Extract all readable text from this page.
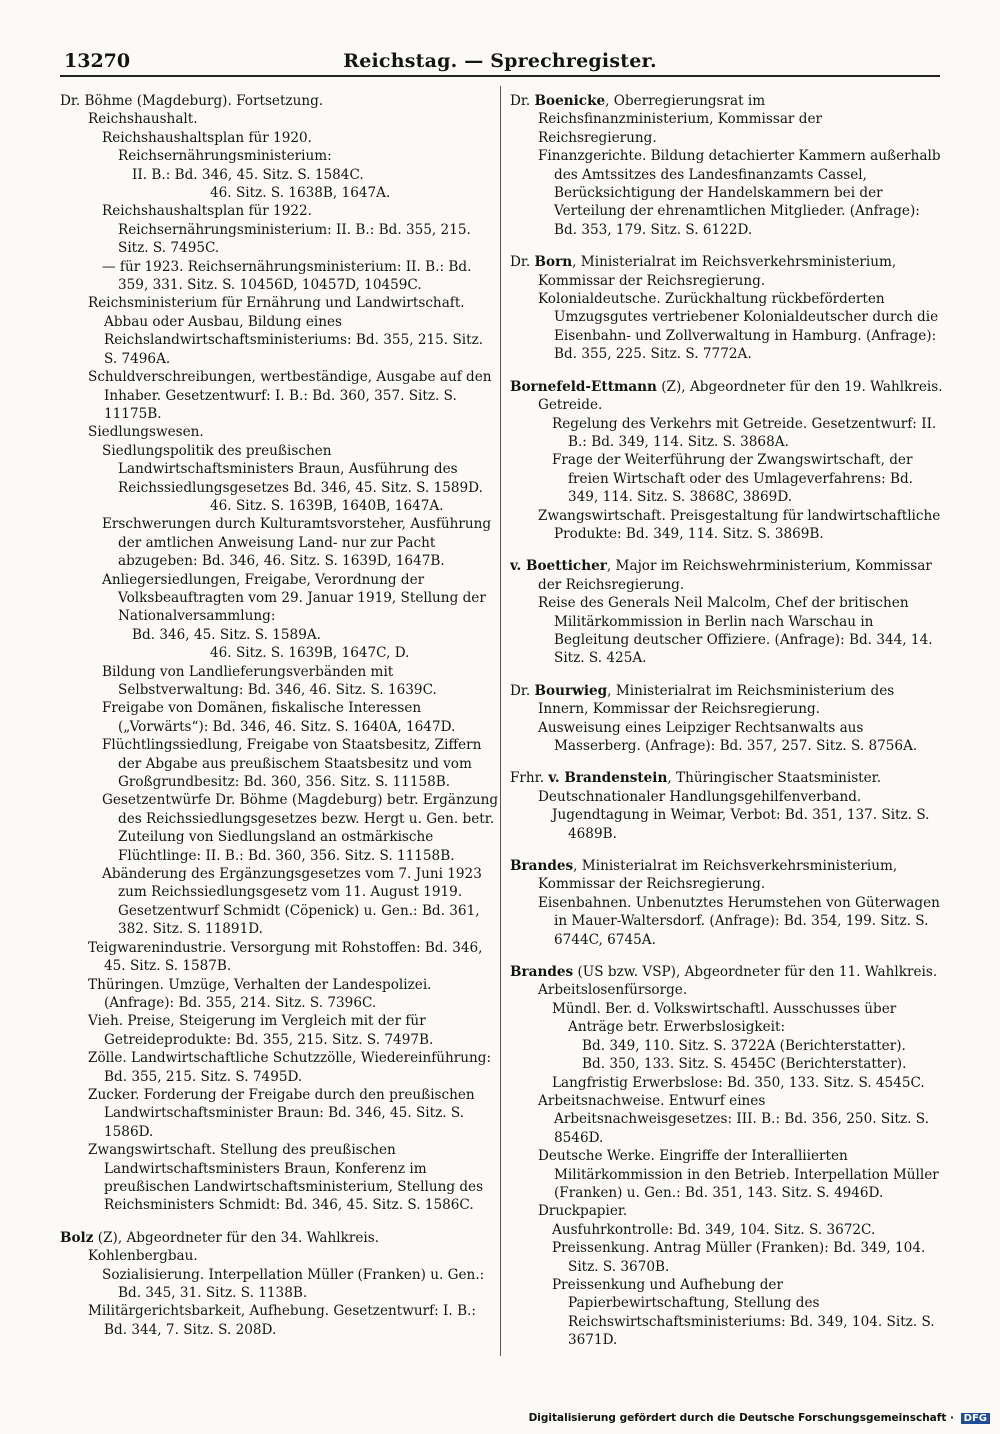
13270	Reichstag. — Sprechregister.
Dr. Böhme (Magdeburg). Fortsetzung.
Reichshaushalt.
Reichshaushaltsplan für 1920. Reichsernährungsministerium:
II. B.: Bd. 346, 45. Sitz. S. 1584C.
46. Sitz. S. 1638B, 1647A.
Reichshaushaltsplan für 1922. Reichsernährungsministerium: II. B.: Bd. 355, 215. Sitz. S. 7495C.
— für 1923. Reichsernährungsministerium: II. B.: Bd. 359, 331. Sitz. S. 10456D, 10457D, 10459C.
Reichsministerium für Ernährung und Landwirtschaft. Abbau oder Ausbau, Bildung eines Reichslandwirtschaftsministeriums: Bd. 355, 215. Sitz. S. 7496A.
Schuldverschreibungen, wertbeständige, Ausgabe auf den Inhaber. Gesetzentwurf: I. B.: Bd. 360, 357. Sitz. S. 11175B.
Siedlungswesen.
Siedlungspolitik des preußischen Landwirtschaftsministers Braun, Ausführung des Reichssiedlungsgesetzes Bd. 346, 45. Sitz. S. 1589D.
46. Sitz. S. 1639B, 1640B, 1647A.
Erschwerungen durch Kulturamtsvorsteher, Ausführung der amtlichen Anweisung Land- nur zur Pacht abzugeben: Bd. 346, 46. Sitz. S. 1639D, 1647B.
Anliegersiedlungen, Freigabe, Verordnung der Volksbeauftragten vom 29. Januar 1919, Stellung der Nationalversammlung:
Bd. 346, 45. Sitz. S. 1589A.
46. Sitz. S. 1639B, 1647C, D.
Bildung von Landlieferungsverbänden mit Selbstverwaltung: Bd. 346, 46. Sitz. S. 1639C.
Freigabe von Domänen, fiskalische Interessen („Vorwärts“): Bd. 346, 46. Sitz. S. 1640A, 1647D.
Flüchtlingssiedlung, Freigabe von Staatsbesitz, Ziffern der Abgabe aus preußischem Staatsbesitz und vom Großgrundbesitz: Bd. 360, 356. Sitz. S. 11158B.
Gesetzentwürfe Dr. Böhme (Magdeburg) betr. Ergänzung des Reichssiedlungsgesetzes bezw. Hergt u. Gen. betr. Zuteilung von Siedlungsland an ostmärkische Flüchtlinge: II. B.: Bd. 360, 356. Sitz. S. 11158B.
Abänderung des Ergänzungsgesetzes vom 7. Juni 1923 zum Reichssiedlungsgesetz vom 11. August 1919. Gesetzentwurf Schmidt (Cöpenick) u. Gen.: Bd. 361, 382. Sitz. S. 11891D.
Teigwarenindustrie. Versorgung mit Rohstoffen: Bd. 346, 45. Sitz. S. 1587B.
Thüringen. Umzüge, Verhalten der Landespolizei. (Anfrage): Bd. 355, 214. Sitz. S. 7396C.
Vieh. Preise, Steigerung im Vergleich mit der für Getreideprodukte: Bd. 355, 215. Sitz. S. 7497B.
Zölle. Landwirtschaftliche Schutzzölle, Wiedereinführung: Bd. 355, 215. Sitz. S. 7495D.
Zucker. Forderung der Freigabe durch den preußischen Landwirtschaftsminister Braun: Bd. 346, 45. Sitz. S. 1586D.
Zwangswirtschaft. Stellung des preußischen Landwirtschaftsministers Braun, Konferenz im preußischen Landwirtschaftsministerium, Stellung des Reichsministers Schmidt: Bd. 346, 45. Sitz. S. 1586C.
Bolz (Z), Abgeordneter für den 34. Wahlkreis.
Kohlenbergbau.
Sozialisierung. Interpellation Müller (Franken) u. Gen.: Bd. 345, 31. Sitz. S. 1138B.
Militärgerichtsbarkeit, Aufhebung. Gesetzentwurf: I. B.: Bd. 344, 7. Sitz. S. 208D.
Dr. Boenicke, Oberregierungsrat im Reichsfinanzministerium, Kommissar der Reichsregierung.
Finanzgerichte. Bildung detachierter Kammern außerhalb des Amtssitzes des Landesfinanzamts Cassel, Berücksichtigung der Handelskammern bei der Verteilung der ehrenamtlichen Mitglieder. (Anfrage): Bd. 353, 179. Sitz. S. 6122D.
Dr. Born, Ministerialrat im Reichsverkehrsministerium, Kommissar der Reichsregierung.
Kolonialdeutsche. Zurückhaltung rückbeförderten Umzugsgutes vertriebener Kolonialdeutscher durch die Eisenbahn- und Zollverwaltung in Hamburg. (Anfrage): Bd. 355, 225. Sitz. S. 7772A.
Bornefeld-Ettmann (Z), Abgeordneter für den 19. Wahlkreis.
Getreide.
Regelung des Verkehrs mit Getreide. Gesetzentwurf: II. B.: Bd. 349, 114. Sitz. S. 3868A.
Frage der Weiterführung der Zwangswirtschaft, der freien Wirtschaft oder des Umlageverfahrens: Bd. 349, 114. Sitz. S. 3868C, 3869D.
Zwangswirtschaft. Preisgestaltung für landwirtschaftliche Produkte: Bd. 349, 114. Sitz. S. 3869B.
v. Boetticher, Major im Reichswehrministerium, Kommissar der Reichsregierung.
Reise des Generals Neil Malcolm, Chef der britischen Militärkommission in Berlin nach Warschau in Begleitung deutscher Offiziere. (Anfrage): Bd. 344, 14. Sitz. S. 425A.
Dr. Bourwieg, Ministerialrat im Reichsministerium des Innern, Kommissar der Reichsregierung.
Ausweisung eines Leipziger Rechtsanwalts aus Masserberg. (Anfrage): Bd. 357, 257. Sitz. S. 8756A.
Frhr. v. Brandenstein, Thüringischer Staatsminister.
Deutschnationaler Handlungsgehilfenverband.
Jugendtagung in Weimar, Verbot: Bd. 351, 137. Sitz. S. 4689B.
Brandes, Ministerialrat im Reichsverkehrsministerium, Kommissar der Reichsregierung.
Eisenbahnen. Unbenutztes Herumstehen von Güterwagen in Mauer-Waltersdorf. (Anfrage): Bd. 354, 199. Sitz. S. 6744C, 6745A.
Brandes (US bzw. VSP), Abgeordneter für den 11. Wahlkreis.
Arbeitslosenfürsorge.
Mündl. Ber. d. Volkswirtschaftl. Ausschusses über Anträge betr. Erwerbslosigkeit:
Bd. 349, 110. Sitz. S. 3722A (Berichterstatter).
Bd. 350, 133. Sitz. S. 4545C (Berichterstatter).
Langfristig Erwerbslose: Bd. 350, 133. Sitz. S. 4545C.
Arbeitsnachweise. Entwurf eines Arbeitsnachweisgesetzes: III. B.: Bd. 356, 250. Sitz. S. 8546D.
Deutsche Werke. Eingriffe der Interalliierten Militärkommission in den Betrieb. Interpellation Müller (Franken) u. Gen.: Bd. 351, 143. Sitz. S. 4946D.
Druckpapier.
Ausfuhrkontrolle: Bd. 349, 104. Sitz. S. 3672C.
Preissenkung. Antrag Müller (Franken): Bd. 349, 104. Sitz. S. 3670B.
Preissenkung und Aufhebung der Papierbewirtschaftung, Stellung des Reichswirtschaftsministeriums: Bd. 349, 104. Sitz. S. 3671D.
Digitalisierung gefördert durch die Deutsche Forschungsgemeinschaft · DFG
